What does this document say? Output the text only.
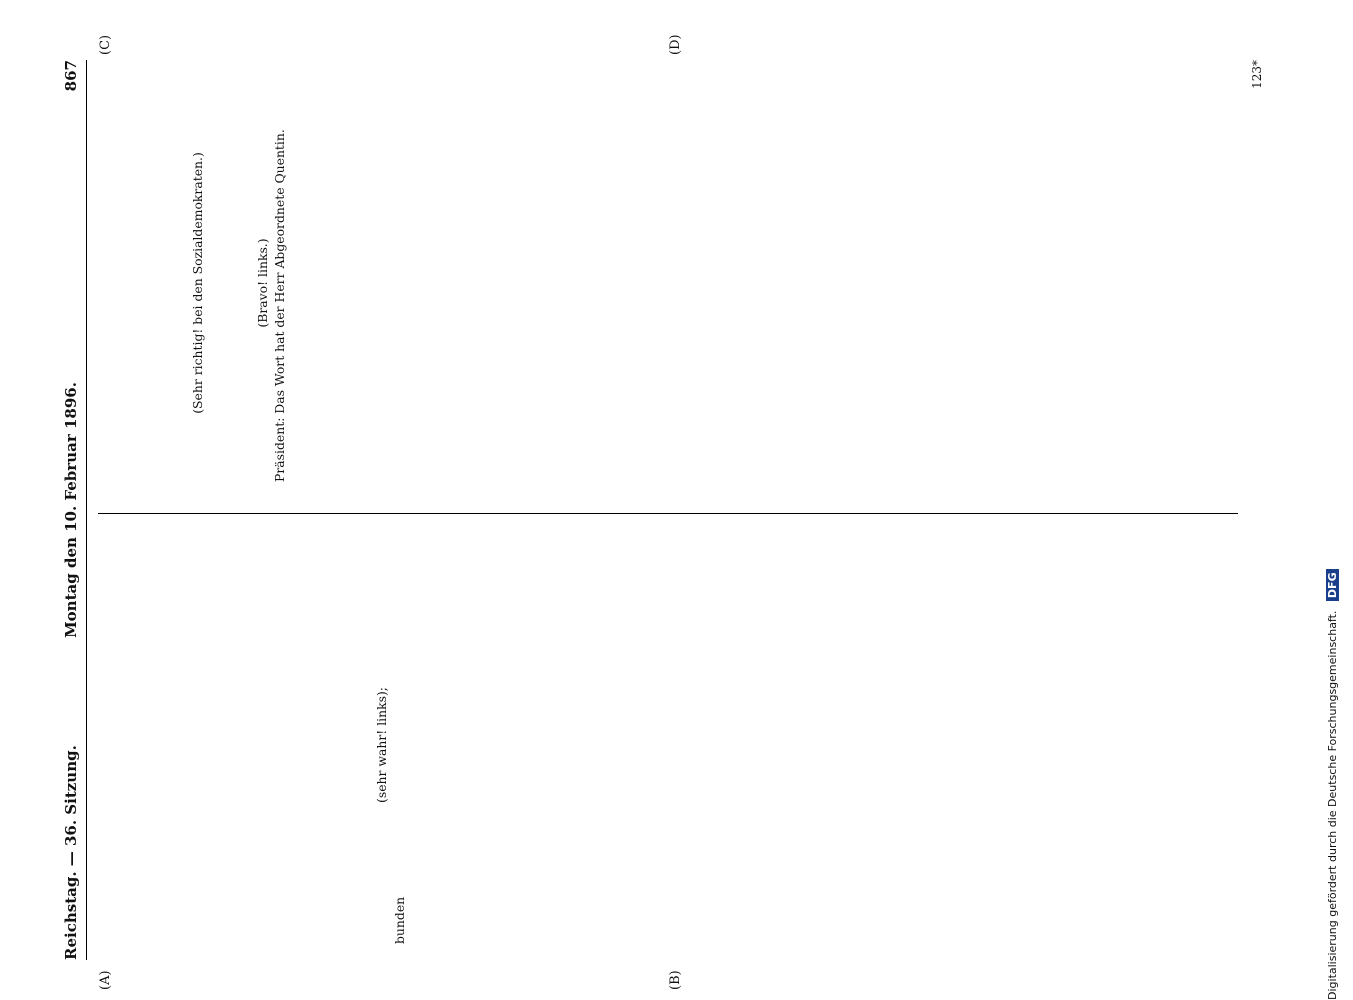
Reichstag. — 36. Sitzung.
Montag den 10. Februar 1896.
867
(A)	(B)
(C)	(D)

(sehr wahr! links);

bunden

(Sehr richtig! bei den Sozialdemokraten.)	(Bravo! links.) Präsident: Das Wort hat der Herr Abgeordnete Quentin.

123*
Digitalisierung gefördert durch die Deutsche Forschungsgemeinschaft. DFG
